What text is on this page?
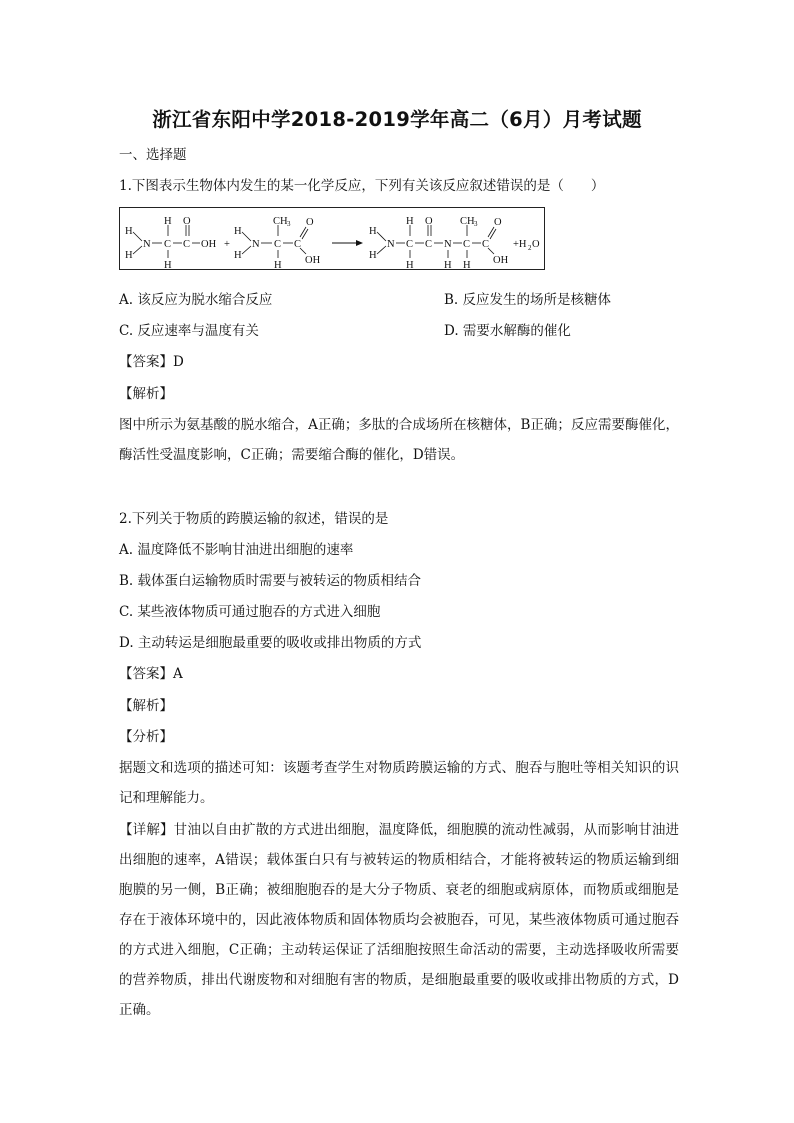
浙江省东阳中学2018-2019学年高二（6月）月考试题
一、选择题
1.下图表示生物体内发生的某一化学反应，下列有关该反应叙述错误的是（　　）
H
H
N C
H
H
C
O
OH +
H
H
N C
CH 3
H
C
O
OH
H
H
N C
H
H
C
O
N
H
C
CH 3
H
C
O
OH
+H 2 O
A. 该反应为脱水缩合反应	B. 反应发生的场所是核糖体
C. 反应速率与温度有关	D. 需要水解酶的催化
【答案】D
【解析】
图中所示为氨基酸的脱水缩合，A正确；多肽的合成场所在核糖体，B正确；反应需要酶催化，酶活性受温度影响，C正确；需要缩合酶的催化，D错误。
2.下列关于物质的跨膜运输的叙述，错误的是
A. 温度降低不影响甘油进出细胞的速率
B. 载体蛋白运输物质时需要与被转运的物质相结合
C. 某些液体物质可通过胞吞的方式进入细胞
D. 主动转运是细胞最重要的吸收或排出物质的方式
【答案】A
【解析】
【分析】
据题文和选项的描述可知：该题考查学生对物质跨膜运输的方式、胞吞与胞吐等相关知识的识记和理解能力。
【详解】甘油以自由扩散的方式进出细胞，温度降低，细胞膜的流动性减弱，从而影响甘油进出细胞的速率，A错误；载体蛋白只有与被转运的物质相结合，才能将被转运的物质运输到细胞膜的另一侧，B正确；被细胞胞吞的是大分子物质、衰老的细胞或病原体，而物质或细胞是存在于液体环境中的，因此液体物质和固体物质均会被胞吞，可见，某些液体物质可通过胞吞的方式进入细胞，C正确；主动转运保证了活细胞按照生命活动的需要，主动选择吸收所需要的营养物质，排出代谢废物和对细胞有害的物质，是细胞最重要的吸收或排出物质的方式，D正确。
